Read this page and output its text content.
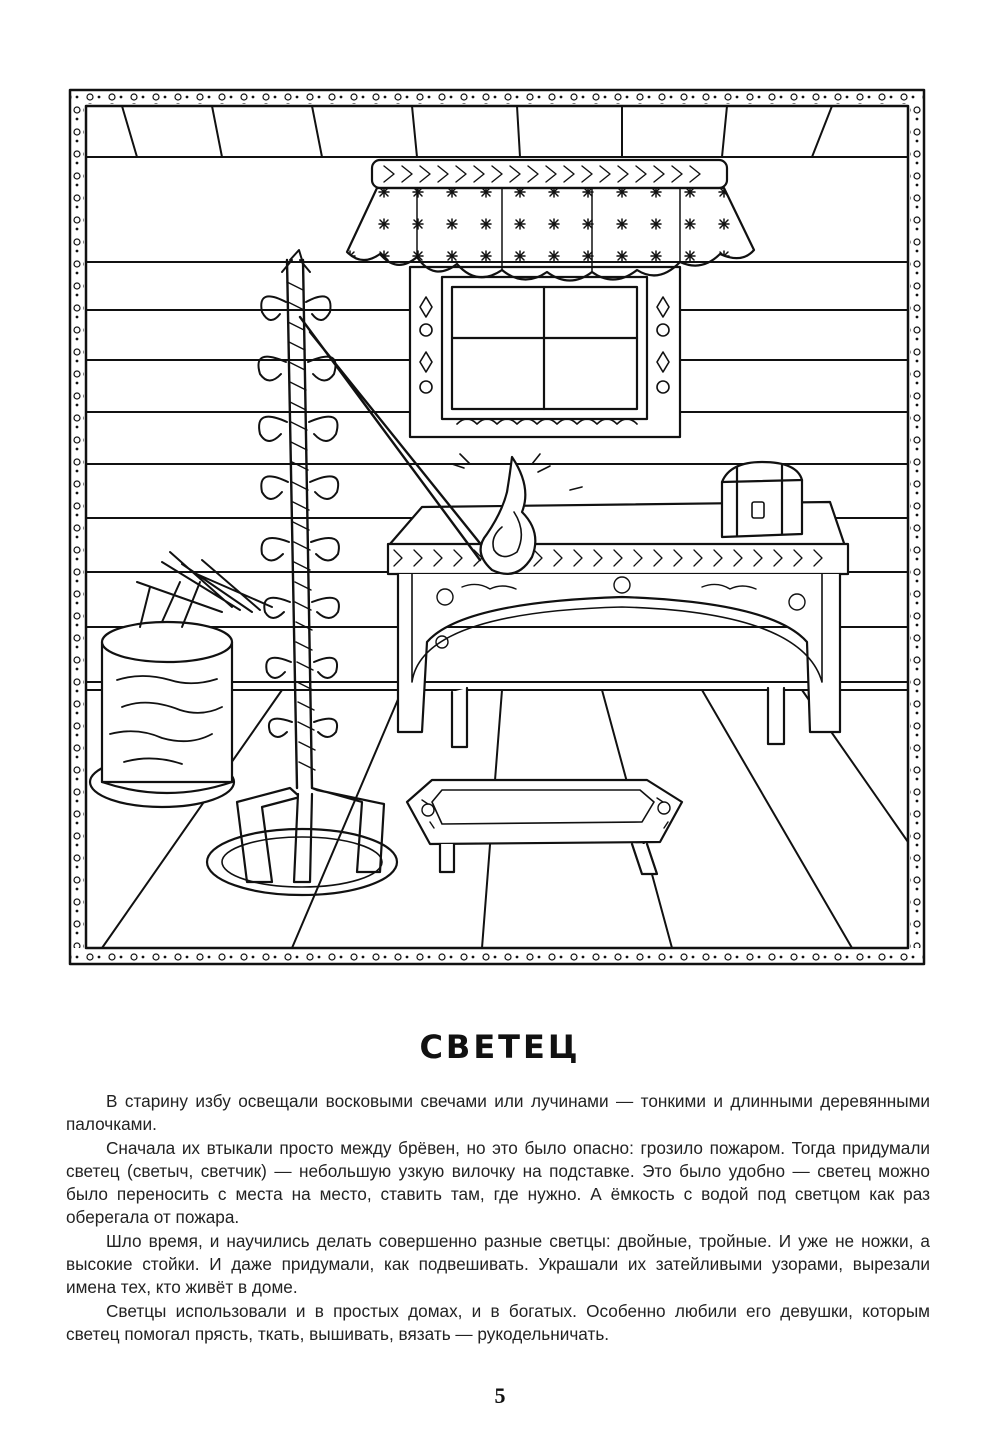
СВЕТЕЦ

В старину избу освещали восковыми свечами или лучинами — тонкими и длинными деревянными палочками.

Сначала их втыкали просто между брёвен, но это было опасно: грозило пожаром. Тогда придумали светец (светыч, светчик) — небольшую узкую вилочку на подставке. Это было удобно — светец можно было переносить с места на место, ставить там, где нужно. А ёмкость с водой под светцом как раз оберегала от пожара.

Шло время, и научились делать совершенно разные светцы: двойные, тройные. И уже не ножки, а высокие стойки. И даже придумали, как подвешивать. Украшали их затейливыми узорами, вырезали имена тех, кто живёт в доме.

Светцы использовали и в простых домах, и в богатых. Особенно любили его девушки, которым светец помогал прясть, ткать, вышивать, вязать — рукодельничать.

5
